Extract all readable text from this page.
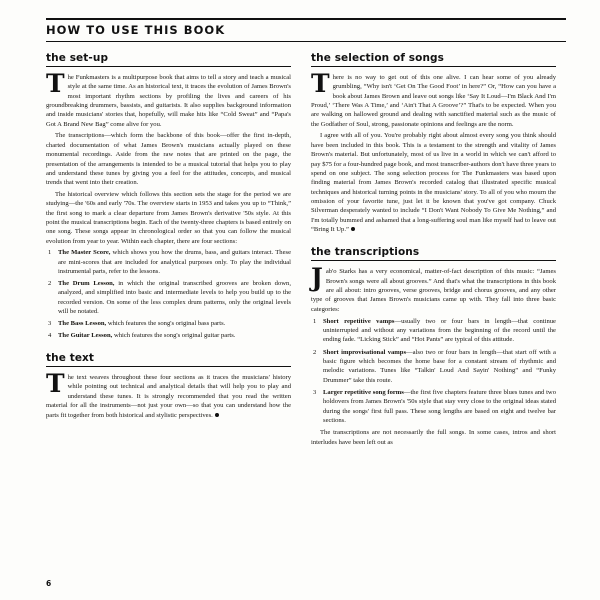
HOW TO USE THIS BOOK
the set-up

The Funkmasters is a multipurpose book that aims to tell a story and teach a musical style at the same time. As an historical text, it traces the evolution of James Brown's most important rhythm sections by profiling the lives and careers of his groundbreaking drummers, bassists, and guitarists. It also supplies background information and inside musicians' stories that, hopefully, will make hits like “Cold Sweat” and “Papa's Got A Brand New Bag” come alive for you.

The transcriptions—which form the backbone of this book—offer the first in-depth, charted documentation of what James Brown's musicians actually played on these monumental recordings. Aside from the raw notes that are printed on the page, the presentation of the arrangements is intended to be a musical tutorial that helps you to play and understand these tunes by giving you a feel for the attitudes, concepts, and musical trends that went into their creation.

The historical overview which follows this section sets the stage for the period we are studying—the '60s and early '70s. The overview starts in 1953 and takes you up to “Think,” the first song to mark a clear departure from James Brown's derivative '50s style. At this point the musical transcriptions begin. Each of the twenty-three chapters is based entirely on one song. These songs appear in chronological order so that you can follow the musical evolution from year to year. Within each chapter, there are four sections:

The Master Score, which shows you how the drums, bass, and guitars interact. These are mini-scores that are included for analytical purposes only. To play the individual instrumental parts, refer to the lessons.
The Drum Lesson, in which the original transcribed grooves are broken down, analyzed, and simplified into basic and intermediate levels to help you build up to the recorded version. On some of the less complex drum patterns, only the original levels will be notated.
The Bass Lesson, which features the song's original bass parts.
The Guitar Lesson, which features the song's original guitar parts.
the text

The text weaves throughout these four sections as it traces the musicians' history while pointing out technical and analytical details that will help you to play and understand these tunes. It is strongly recommended that you read the written material for all the instruments—not just your own—so that you can understand how the parts fit together from both historical and stylistic perspectives.

the selection of songs

There is no way to get out of this one alive. I can hear some of you already grumbling, “Why isn't ‘Get On The Good Foot’ in here?” Or, “How can you have a book about James Brown and leave out songs like ‘Say It Loud—I'm Black And I'm Proud,’ ‘There Was A Time,’ and ‘Ain't That A Groove’?” That's to be expected. When you are walking on hallowed ground and dealing with sanctified material such as the music of the Godfather of Soul, strong, passionate opinions and feelings are the norm.

I agree with all of you. You're probably right about almost every song you think should have been included in this book. This is a testament to the strength and vitality of James Brown's material. But unfortunately, most of us live in a world in which we can't afford to pay $75 for a four-hundred page book, and most transcriber-authors don't have three years to spend on one subject. The song selection process for The Funkmasters was based upon finding material from James Brown's recorded catalog that illustrated specific musical techniques and historical turning points in the musicians' story. To all of you who mourn the omission of your favorite tune, just let it be known that you've got company. Chuck Silverman desperately wanted to include “I Don't Want Nobody To Give Me Nothing,” and I'm totally bummed and ashamed that a long-suffering soul man like myself had to leave out “Bring It Up.”

the transcriptions

Jab'o Starks has a very economical, matter-of-fact description of this music: “James Brown's songs were all about grooves.” And that's what the transcriptions in this book are all about: intro grooves, verse grooves, bridge and chorus grooves, and any other type of grooves that James Brown's musicians came up with. They fall into three basic categories:

Short repetitive vamps—usually two or four bars in length—that continue uninterrupted and without any variations from the beginning of the record until the ending fade. “Licking Stick” and “Hot Pants” are typical of this attitude.
Short improvisational vamps—also two or four bars in length—that start off with a basic figure which becomes the home base for a constant stream of rhythmic and melodic variations. Tunes like “Talkin' Loud And Sayin' Nothing” and “Funky Drummer” take this route.
Larger repetitive song forms—the first five chapters feature three blues tunes and two holdovers from James Brown's '50s style that stay very close to the original ideas stated during the songs' first full pass. These song lengths are based on eight and twelve bar sections.

The transcriptions are not necessarily the full songs. In some cases, intros and short interludes have been left out as

6
